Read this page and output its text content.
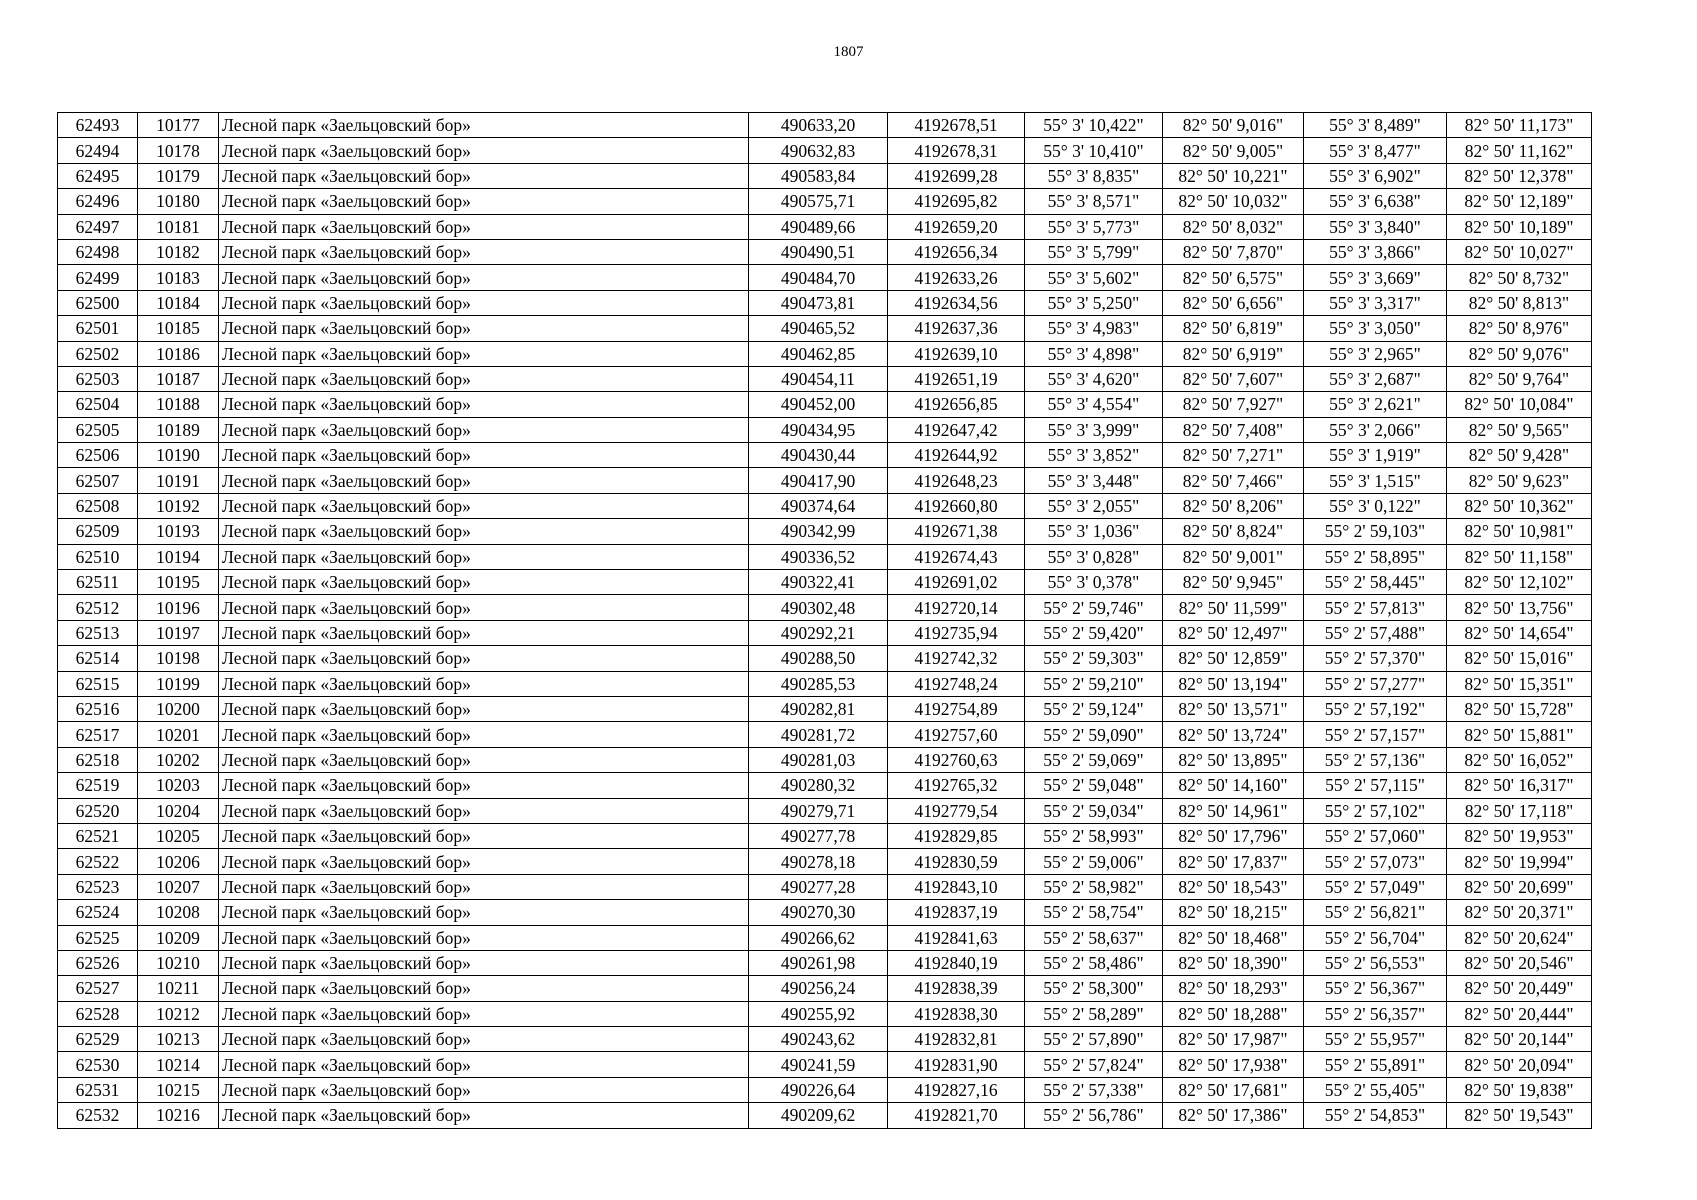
1807
62493	10177	Лесной парк «Заельцовский бор»	490633,20	4192678,51	55° 3' 10,422"	82° 50' 9,016"	55° 3' 8,489"	82° 50' 11,173"
62494	10178	Лесной парк «Заельцовский бор»	490632,83	4192678,31	55° 3' 10,410"	82° 50' 9,005"	55° 3' 8,477"	82° 50' 11,162"
62495	10179	Лесной парк «Заельцовский бор»	490583,84	4192699,28	55° 3' 8,835"	82° 50' 10,221"	55° 3' 6,902"	82° 50' 12,378"
62496	10180	Лесной парк «Заельцовский бор»	490575,71	4192695,82	55° 3' 8,571"	82° 50' 10,032"	55° 3' 6,638"	82° 50' 12,189"
62497	10181	Лесной парк «Заельцовский бор»	490489,66	4192659,20	55° 3' 5,773"	82° 50' 8,032"	55° 3' 3,840"	82° 50' 10,189"
62498	10182	Лесной парк «Заельцовский бор»	490490,51	4192656,34	55° 3' 5,799"	82° 50' 7,870"	55° 3' 3,866"	82° 50' 10,027"
62499	10183	Лесной парк «Заельцовский бор»	490484,70	4192633,26	55° 3' 5,602"	82° 50' 6,575"	55° 3' 3,669"	82° 50' 8,732"
62500	10184	Лесной парк «Заельцовский бор»	490473,81	4192634,56	55° 3' 5,250"	82° 50' 6,656"	55° 3' 3,317"	82° 50' 8,813"
62501	10185	Лесной парк «Заельцовский бор»	490465,52	4192637,36	55° 3' 4,983"	82° 50' 6,819"	55° 3' 3,050"	82° 50' 8,976"
62502	10186	Лесной парк «Заельцовский бор»	490462,85	4192639,10	55° 3' 4,898"	82° 50' 6,919"	55° 3' 2,965"	82° 50' 9,076"
62503	10187	Лесной парк «Заельцовский бор»	490454,11	4192651,19	55° 3' 4,620"	82° 50' 7,607"	55° 3' 2,687"	82° 50' 9,764"
62504	10188	Лесной парк «Заельцовский бор»	490452,00	4192656,85	55° 3' 4,554"	82° 50' 7,927"	55° 3' 2,621"	82° 50' 10,084"
62505	10189	Лесной парк «Заельцовский бор»	490434,95	4192647,42	55° 3' 3,999"	82° 50' 7,408"	55° 3' 2,066"	82° 50' 9,565"
62506	10190	Лесной парк «Заельцовский бор»	490430,44	4192644,92	55° 3' 3,852"	82° 50' 7,271"	55° 3' 1,919"	82° 50' 9,428"
62507	10191	Лесной парк «Заельцовский бор»	490417,90	4192648,23	55° 3' 3,448"	82° 50' 7,466"	55° 3' 1,515"	82° 50' 9,623"
62508	10192	Лесной парк «Заельцовский бор»	490374,64	4192660,80	55° 3' 2,055"	82° 50' 8,206"	55° 3' 0,122"	82° 50' 10,362"
62509	10193	Лесной парк «Заельцовский бор»	490342,99	4192671,38	55° 3' 1,036"	82° 50' 8,824"	55° 2' 59,103"	82° 50' 10,981"
62510	10194	Лесной парк «Заельцовский бор»	490336,52	4192674,43	55° 3' 0,828"	82° 50' 9,001"	55° 2' 58,895"	82° 50' 11,158"
62511	10195	Лесной парк «Заельцовский бор»	490322,41	4192691,02	55° 3' 0,378"	82° 50' 9,945"	55° 2' 58,445"	82° 50' 12,102"
62512	10196	Лесной парк «Заельцовский бор»	490302,48	4192720,14	55° 2' 59,746"	82° 50' 11,599"	55° 2' 57,813"	82° 50' 13,756"
62513	10197	Лесной парк «Заельцовский бор»	490292,21	4192735,94	55° 2' 59,420"	82° 50' 12,497"	55° 2' 57,488"	82° 50' 14,654"
62514	10198	Лесной парк «Заельцовский бор»	490288,50	4192742,32	55° 2' 59,303"	82° 50' 12,859"	55° 2' 57,370"	82° 50' 15,016"
62515	10199	Лесной парк «Заельцовский бор»	490285,53	4192748,24	55° 2' 59,210"	82° 50' 13,194"	55° 2' 57,277"	82° 50' 15,351"
62516	10200	Лесной парк «Заельцовский бор»	490282,81	4192754,89	55° 2' 59,124"	82° 50' 13,571"	55° 2' 57,192"	82° 50' 15,728"
62517	10201	Лесной парк «Заельцовский бор»	490281,72	4192757,60	55° 2' 59,090"	82° 50' 13,724"	55° 2' 57,157"	82° 50' 15,881"
62518	10202	Лесной парк «Заельцовский бор»	490281,03	4192760,63	55° 2' 59,069"	82° 50' 13,895"	55° 2' 57,136"	82° 50' 16,052"
62519	10203	Лесной парк «Заельцовский бор»	490280,32	4192765,32	55° 2' 59,048"	82° 50' 14,160"	55° 2' 57,115"	82° 50' 16,317"
62520	10204	Лесной парк «Заельцовский бор»	490279,71	4192779,54	55° 2' 59,034"	82° 50' 14,961"	55° 2' 57,102"	82° 50' 17,118"
62521	10205	Лесной парк «Заельцовский бор»	490277,78	4192829,85	55° 2' 58,993"	82° 50' 17,796"	55° 2' 57,060"	82° 50' 19,953"
62522	10206	Лесной парк «Заельцовский бор»	490278,18	4192830,59	55° 2' 59,006"	82° 50' 17,837"	55° 2' 57,073"	82° 50' 19,994"
62523	10207	Лесной парк «Заельцовский бор»	490277,28	4192843,10	55° 2' 58,982"	82° 50' 18,543"	55° 2' 57,049"	82° 50' 20,699"
62524	10208	Лесной парк «Заельцовский бор»	490270,30	4192837,19	55° 2' 58,754"	82° 50' 18,215"	55° 2' 56,821"	82° 50' 20,371"
62525	10209	Лесной парк «Заельцовский бор»	490266,62	4192841,63	55° 2' 58,637"	82° 50' 18,468"	55° 2' 56,704"	82° 50' 20,624"
62526	10210	Лесной парк «Заельцовский бор»	490261,98	4192840,19	55° 2' 58,486"	82° 50' 18,390"	55° 2' 56,553"	82° 50' 20,546"
62527	10211	Лесной парк «Заельцовский бор»	490256,24	4192838,39	55° 2' 58,300"	82° 50' 18,293"	55° 2' 56,367"	82° 50' 20,449"
62528	10212	Лесной парк «Заельцовский бор»	490255,92	4192838,30	55° 2' 58,289"	82° 50' 18,288"	55° 2' 56,357"	82° 50' 20,444"
62529	10213	Лесной парк «Заельцовский бор»	490243,62	4192832,81	55° 2' 57,890"	82° 50' 17,987"	55° 2' 55,957"	82° 50' 20,144"
62530	10214	Лесной парк «Заельцовский бор»	490241,59	4192831,90	55° 2' 57,824"	82° 50' 17,938"	55° 2' 55,891"	82° 50' 20,094"
62531	10215	Лесной парк «Заельцовский бор»	490226,64	4192827,16	55° 2' 57,338"	82° 50' 17,681"	55° 2' 55,405"	82° 50' 19,838"
62532	10216	Лесной парк «Заельцовский бор»	490209,62	4192821,70	55° 2' 56,786"	82° 50' 17,386"	55° 2' 54,853"	82° 50' 19,543"
